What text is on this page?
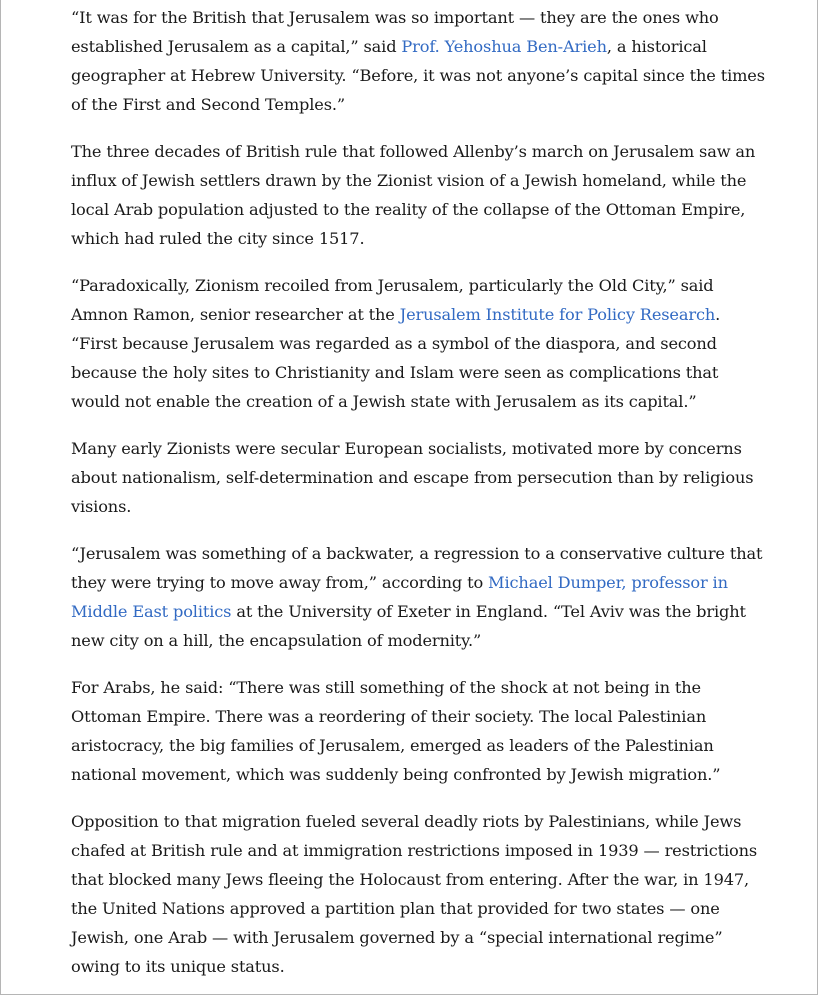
“It was for the British that Jerusalem was so important — they are the ones who established Jerusalem as a capital,” said Prof. Yehoshua Ben-Arieh, a historical geographer at Hebrew University. “Before, it was not anyone’s capital since the times of the First and Second Temples.”

The three decades of British rule that followed Allenby’s march on Jerusalem saw an influx of Jewish settlers drawn by the Zionist vision of a Jewish homeland, while the local Arab population adjusted to the reality of the collapse of the Ottoman Empire, which had ruled the city since 1517.

“Paradoxically, Zionism recoiled from Jerusalem, particularly the Old City,” said Amnon Ramon, senior researcher at the Jerusalem Institute for Policy Research. “First because Jerusalem was regarded as a symbol of the diaspora, and second because the holy sites to Christianity and Islam were seen as complications that would not enable the creation of a Jewish state with Jerusalem as its capital.”

Many early Zionists were secular European socialists, motivated more by concerns about nationalism, self-determination and escape from persecution than by religious visions.

“Jerusalem was something of a backwater, a regression to a conservative culture that they were trying to move away from,” according to Michael Dumper, professor in Middle East politics at the University of Exeter in England. “Tel Aviv was the bright new city on a hill, the encapsulation of modernity.”

For Arabs, he said: “There was still something of the shock at not being in the Ottoman Empire. There was a reordering of their society. The local Palestinian aristocracy, the big families of Jerusalem, emerged as leaders of the Palestinian national movement, which was suddenly being confronted by Jewish migration.”

Opposition to that migration fueled several deadly riots by Palestinians, while Jews chafed at British rule and at immigration restrictions imposed in 1939 — restrictions that blocked many Jews fleeing the Holocaust from entering. After the war, in 1947, the United Nations approved a partition plan that provided for two states — one Jewish, one Arab — with Jerusalem governed by a “special international regime” owing to its unique status.
